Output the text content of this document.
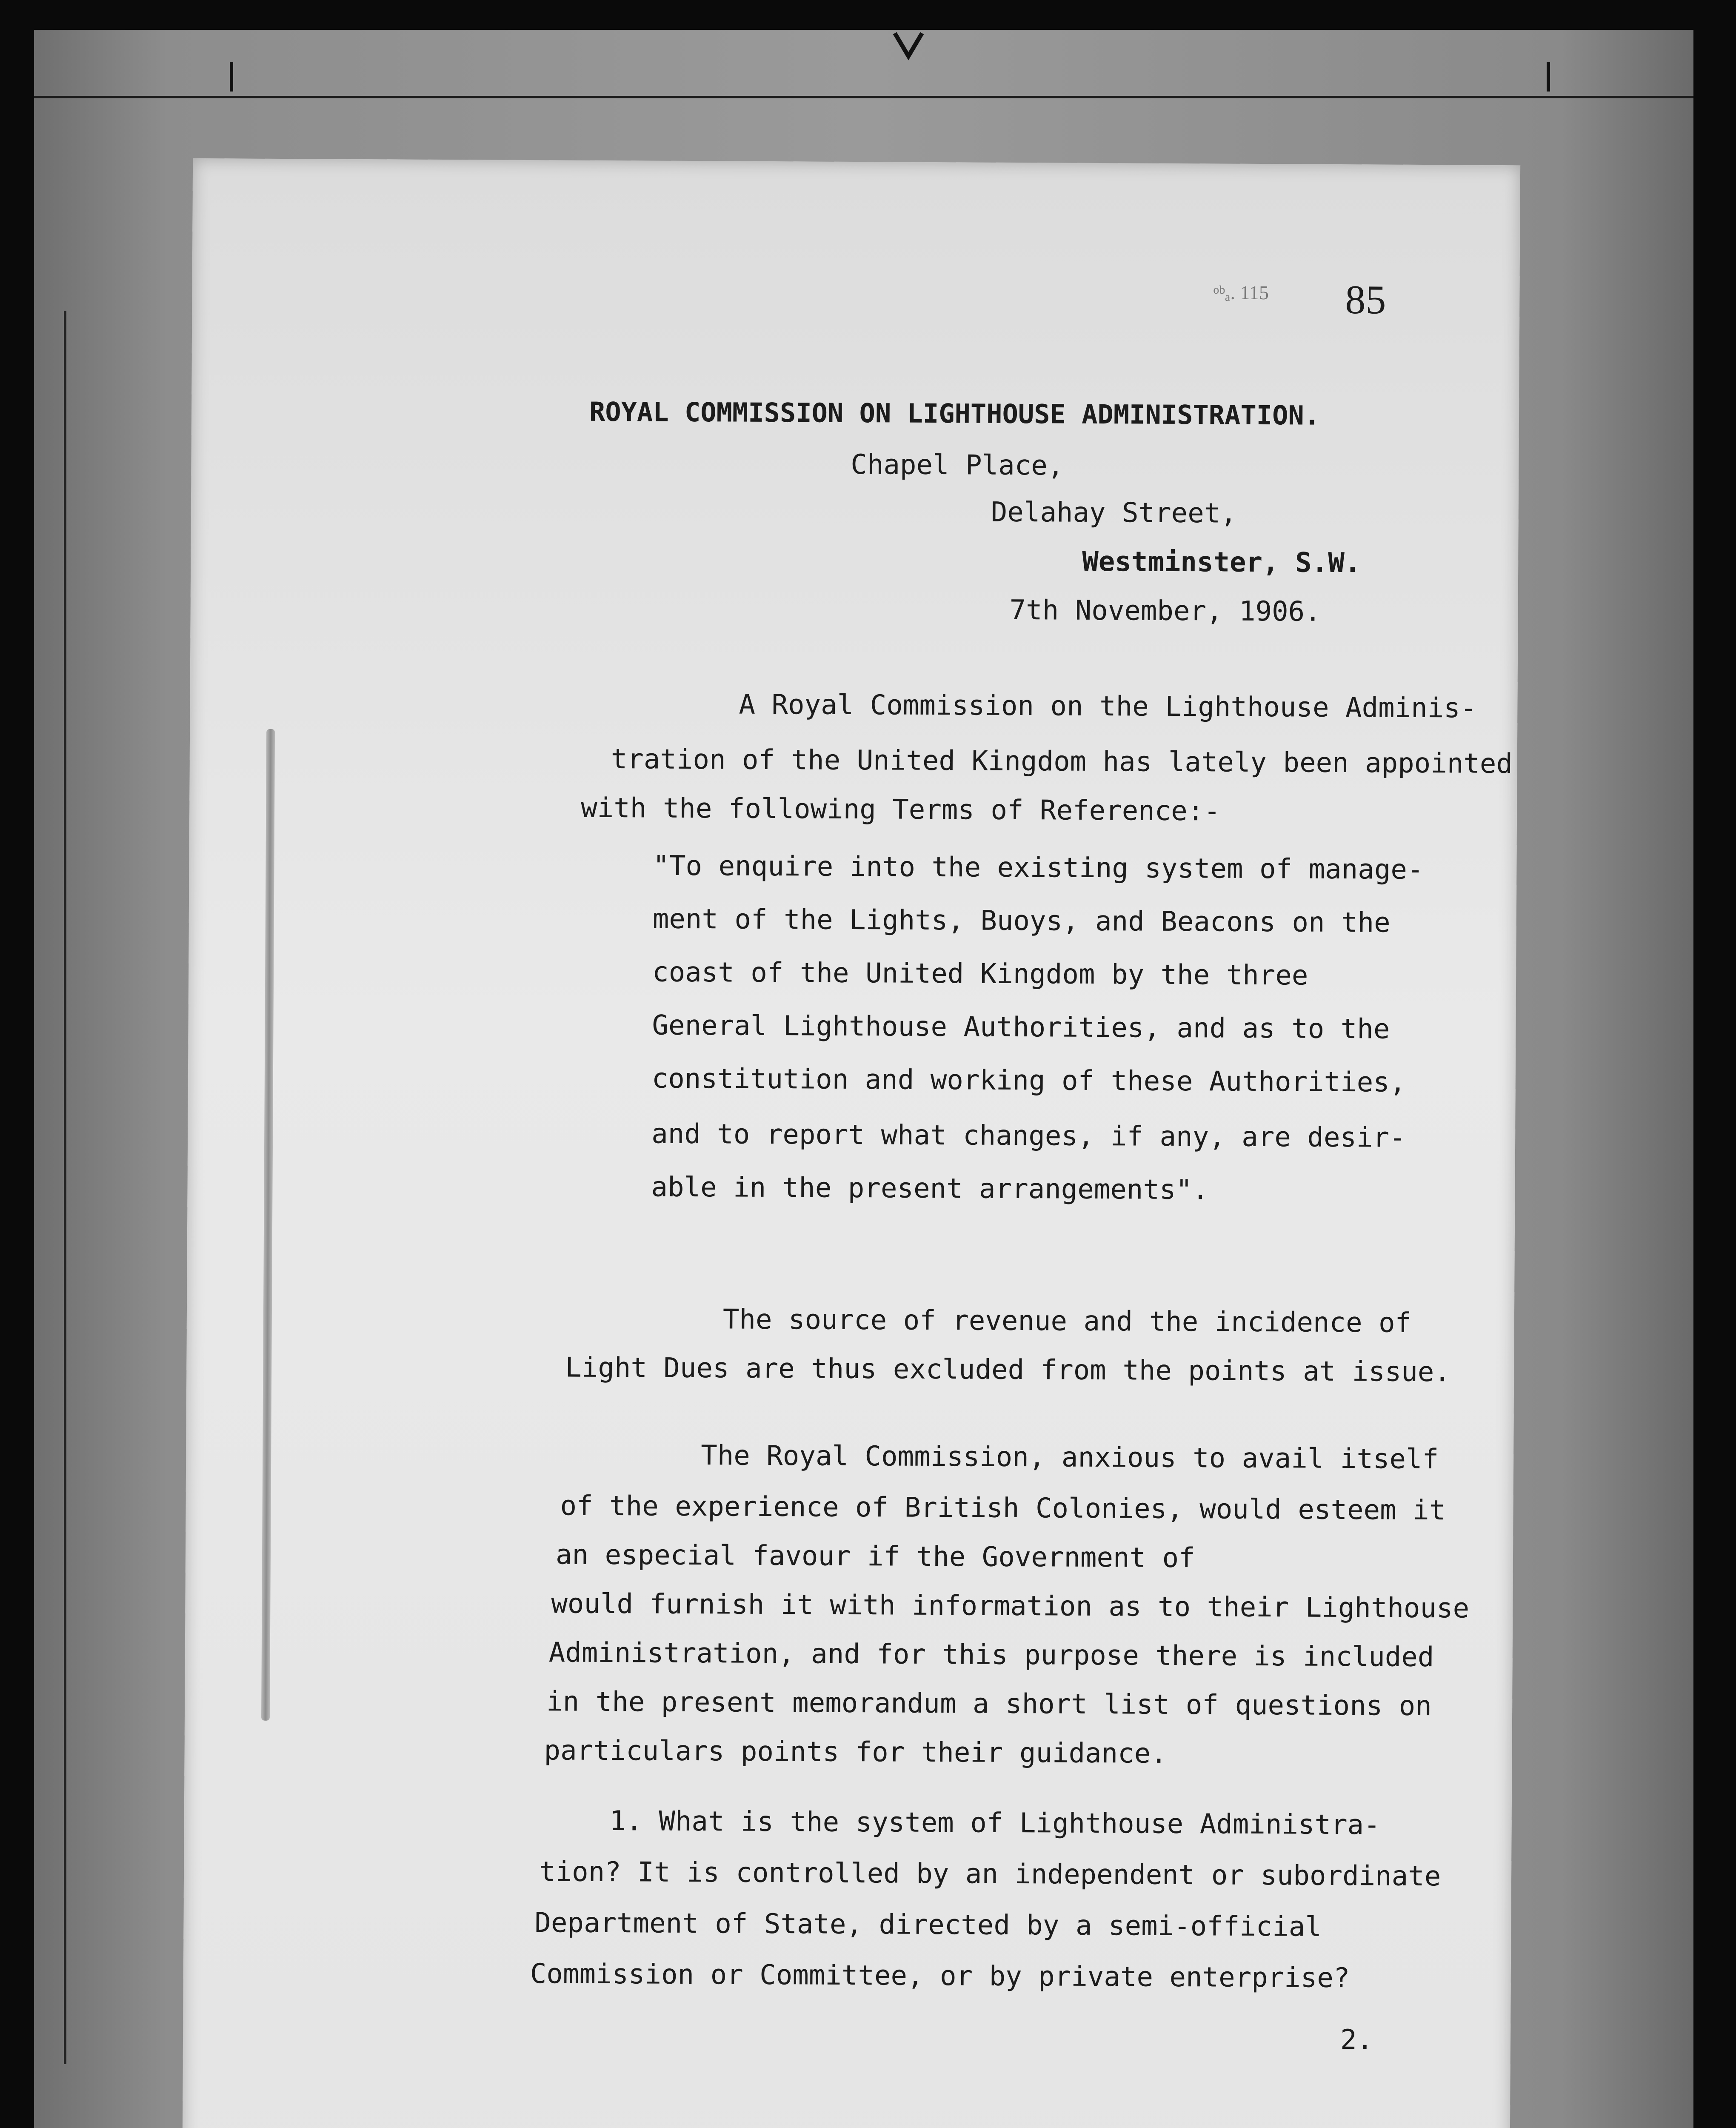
ᵒᵇₐ. 115 85

ROYAL COMMISSION ON LIGHTHOUSE ADMINISTRATION.

Chapel Place,

Delahay Street,

Westminster, S.W.

7th November, 1906.

A Royal Commission on the Lighthouse Adminis-

tration of the United Kingdom has lately been appointed

with the following Terms of Reference:-

"To enquire into the existing system of manage-

ment of the Lights, Buoys, and Beacons on the

coast of the United Kingdom by the three

General Lighthouse Authorities, and as to the

constitution and working of these Authorities,

and to report what changes, if any, are desir-

able in the present arrangements".

The source of revenue and the incidence of

Light Dues are thus excluded from the points at issue.

The Royal Commission, anxious to avail itself

of the experience of British Colonies, would esteem it

an especial favour if the Government of

would furnish it with information as to their Lighthouse

Administration, and for this purpose there is included

in the present memorandum a short list of questions on

particulars points for their guidance.

1. What is the system of Lighthouse Administra-

tion? It is controlled by an independent or subordinate

Department of State, directed by a semi-official

Commission or Committee, or by private enterprise?

2.
